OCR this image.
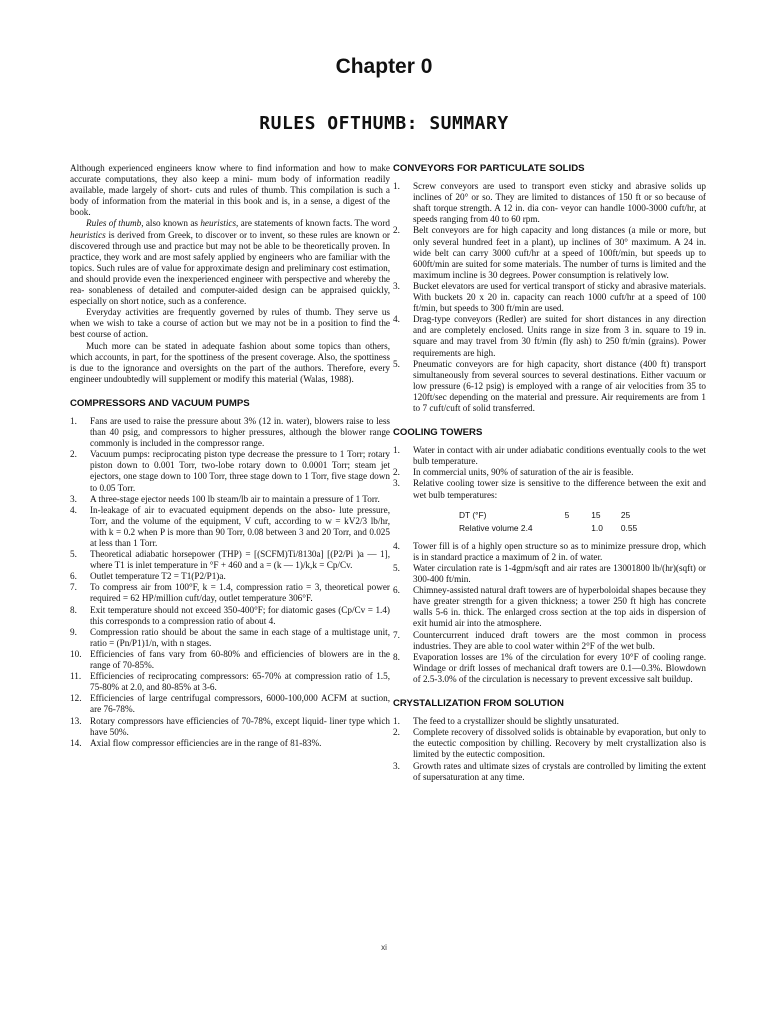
Chapter 0
RULES OFTHUMB: SUMMARY

Although experienced engineers know where to find information and how to make accurate computations, they also keep a mini- mum body of information readily available, made largely of short- cuts and rules of thumb. This compilation is such a body of information from the material in this book and is, in a sense, a digest of the book.

Rules of thumb, also known as heuristics, are statements of known facts. The word heuristics is derived from Greek, to discover or to invent, so these rules are known or discovered through use and practice but may not be able to be theoretically proven. In practice, they work and are most safely applied by engineers who are familiar with the topics. Such rules are of value for approximate design and preliminary cost estimation, and should provide even the inexperienced engineer with perspective and whereby the rea- sonableness of detailed and computer-aided design can be appraised quickly, especially on short notice, such as a conference.

Everyday activities are frequently governed by rules of thumb. They serve us when we wish to take a course of action but we may not be in a position to find the best course of action.

Much more can be stated in adequate fashion about some topics than others, which accounts, in part, for the spottiness of the present coverage. Also, the spottiness is due to the ignorance and oversights on the part of the authors. Therefore, every engineer undoubtedly will supplement or modify this material (Walas, 1988).

COMPRESSORS AND VACUUM PUMPS
1. Fans are used to raise the pressure about 3% (12 in. water), blowers raise to less than 40 psig, and compressors to higher pressures, although the blower range commonly is included in the compressor range.
2. Vacuum pumps: reciprocating piston type decrease the pressure to 1 Torr; rotary piston down to 0.001 Torr, two-lobe rotary down to 0.0001 Torr; steam jet ejectors, one stage down to 100 Torr, three stage down to 1 Torr, five stage down to 0.05 Torr.
3. A three-stage ejector needs 100 lb steam/lb air to maintain a pressure of 1 Torr.
4. In-leakage of air to evacuated equipment depends on the abso- lute pressure, Torr, and the volume of the equipment, V cuft, according to w = kV2/3 lb/hr, with k = 0.2 when P is more than 90 Torr, 0.08 between 3 and 20 Torr, and 0.025 at less than 1 Torr.
5. Theoretical adiabatic horsepower (THP) = [(SCFM)Ti/8130a] [(P2/Pi )a — 1], where T1 is inlet temperature in °F + 460 and a = (k — 1)/k,k = Cp/Cv.
6. Outlet temperature T2 = T1(P2/P1)a.
7. To compress air from 100°F, k = 1.4, compression ratio = 3, theoretical power required = 62 HP/million cuft/day, outlet temperature 306°F.
8. Exit temperature should not exceed 350-400°F; for diatomic gases (Cp/Cv = 1.4) this corresponds to a compression ratio of about 4.
9. Compression ratio should be about the same in each stage of a multistage unit, ratio = (Pn/P1)1/n, with n stages.
10. Efficiencies of fans vary from 60-80% and efficiencies of blowers are in the range of 70-85%.
11. Efficiencies of reciprocating compressors: 65-70% at compression ratio of 1.5, 75-80% at 2.0, and 80-85% at 3-6.
12. Efficiencies of large centrifugal compressors, 6000-100,000 ACFM at suction, are 76-78%.
13. Rotary compressors have efficiencies of 70-78%, except liquid- liner type which have 50%.
14. Axial flow compressor efficiencies are in the range of 81-83%.
CONVEYORS FOR PARTICULATE SOLIDS
1. Screw conveyors are used to transport even sticky and abrasive solids up inclines of 20° or so. They are limited to distances of 150 ft or so because of shaft torque strength. A 12 in. dia con- veyor can handle 1000-3000 cuft/hr, at speeds ranging from 40 to 60 rpm.
2. Belt conveyors are for high capacity and long distances (a mile or more, but only several hundred feet in a plant), up inclines of 30° maximum. A 24 in. wide belt can carry 3000 cuft/hr at a speed of 100ft/min, but speeds up to 600ft/min are suited for some materials. The number of turns is limited and the maximum incline is 30 degrees. Power consumption is relatively low.
3. Bucket elevators are used for vertical transport of sticky and abrasive materials. With buckets 20 x 20 in. capacity can reach 1000 cuft/hr at a speed of 100 ft/min, but speeds to 300 ft/min are used.
4. Drag-type conveyors (Redler) are suited for short distances in any direction and are completely enclosed. Units range in size from 3 in. square to 19 in. square and may travel from 30 ft/min (fly ash) to 250 ft/min (grains). Power requirements are high.
5. Pneumatic conveyors are for high capacity, short distance (400 ft) transport simultaneously from several sources to several destinations. Either vacuum or low pressure (6-12 psig) is employed with a range of air velocities from 35 to 120ft/sec depending on the material and pressure. Air requirements are from 1 to 7 cuft/cuft of solid transferred.
COOLING TOWERS
1. Water in contact with air under adiabatic conditions eventually cools to the wet bulb temperature.
2. In commercial units, 90% of saturation of the air is feasible.
3. Relative cooling tower size is sensitive to the difference between the exit and wet bulb temperatures:
DT (°F)	5	15	25
Relative volume 2.4		1.0	0.55
4. Tower fill is of a highly open structure so as to minimize pressure drop, which is in standard practice a maximum of 2 in. of water.
5. Water circulation rate is 1-4gpm/sqft and air rates are 13001800 lb/(hr)(sqft) or 300-400 ft/min.
6. Chimney-assisted natural draft towers are of hyperboloidal shapes because they have greater strength for a given thickness; a tower 250 ft high has concrete walls 5-6 in. thick. The enlarged cross section at the top aids in dispersion of exit humid air into the atmosphere.
7. Countercurrent induced draft towers are the most common in process industries. They are able to cool water within 2°F of the wet bulb.
8. Evaporation losses are 1% of the circulation for every 10°F of cooling range. Windage or drift losses of mechanical draft towers are 0.1—0.3%. Blowdown of 2.5-3.0% of the circulation is necessary to prevent excessive salt buildup.
CRYSTALLIZATION FROM SOLUTION
1. The feed to a crystallizer should be slightly unsaturated.
2. Complete recovery of dissolved solids is obtainable by evaporation, but only to the eutectic composition by chilling. Recovery by melt crystallization also is limited by the eutectic composition.
3. Growth rates and ultimate sizes of crystals are controlled by limiting the extent of supersaturation at any time.
xi
